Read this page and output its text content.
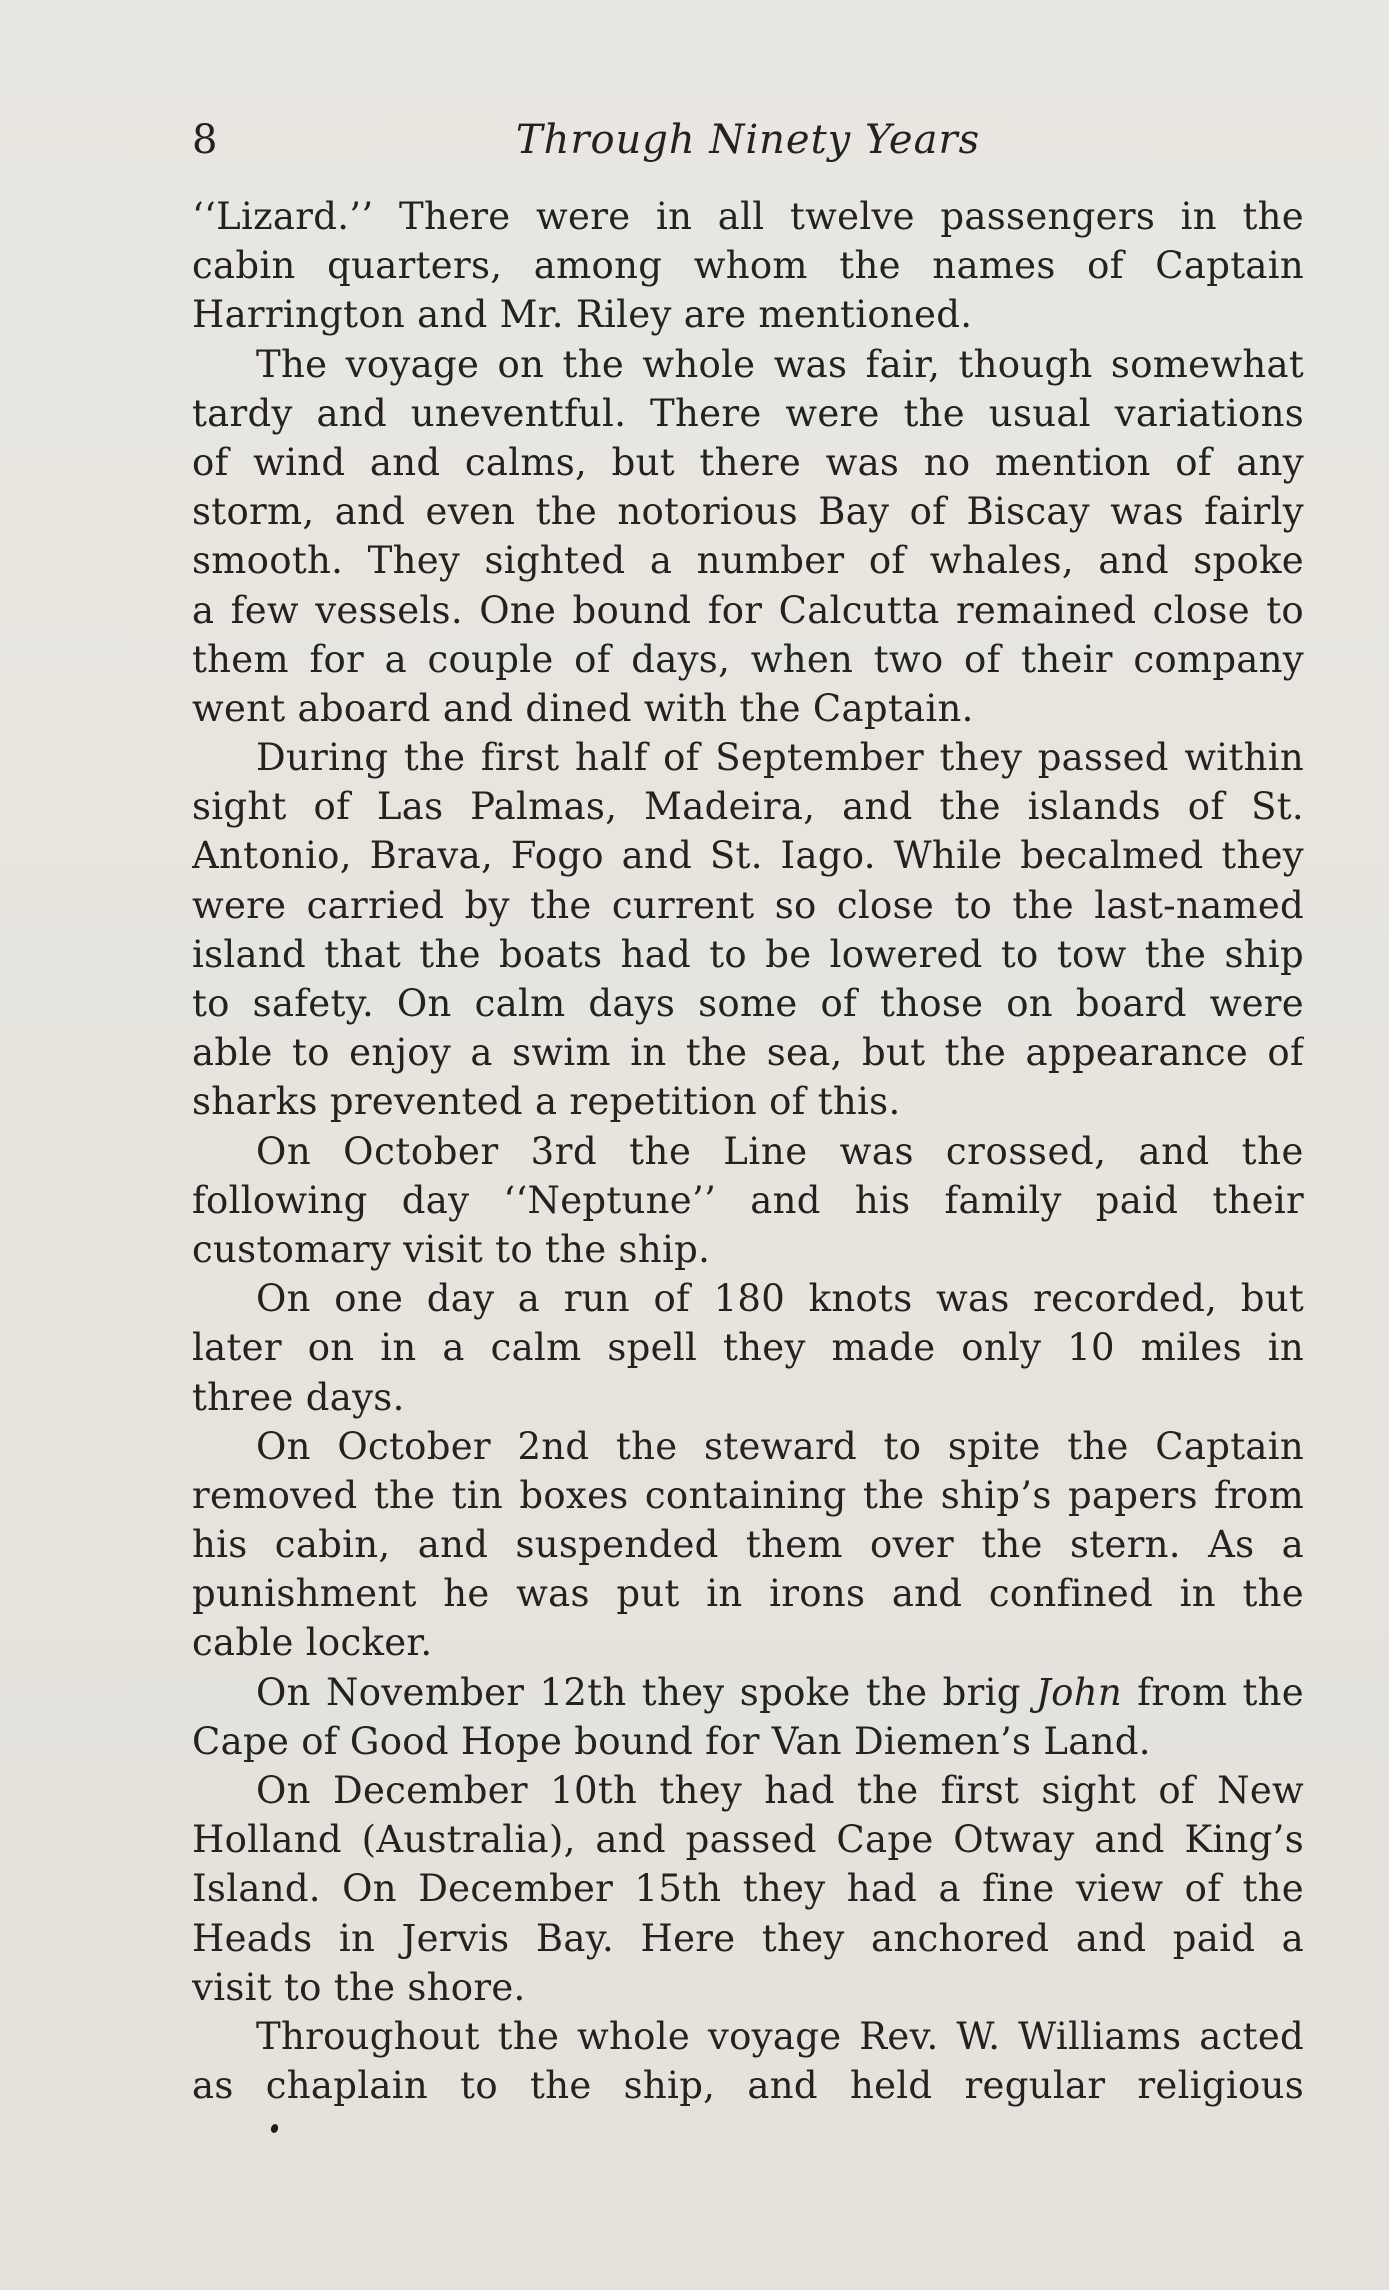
8	Through Ninety Years
‘‘Lizard.’’ There were in all twelve passengers in the
cabin quarters, among whom the names of Captain
Harrington and Mr. Riley are mentioned.
The voyage on the whole was fair, though somewhat
tardy and uneventful. There were the usual variations
of wind and calms, but there was no mention of any
storm, and even the notorious Bay of Biscay was fairly
smooth. They sighted a number of whales, and spoke
a few vessels. One bound for Calcutta remained close to
them for a couple of days, when two of their company
went aboard and dined with the Captain.
During the first half of September they passed within
sight of Las Palmas, Madeira, and the islands of St.
Antonio, Brava, Fogo and St. Iago. While becalmed they
were carried by the current so close to the last-named
island that the boats had to be lowered to tow the ship
to safety. On calm days some of those on board were
able to enjoy a swim in the sea, but the appearance of
sharks prevented a repetition of this.
On October 3rd the Line was crossed, and the
following day ‘‘Neptune’’ and his family paid their
customary visit to the ship.
On one day a run of 180 knots was recorded, but
later on in a calm spell they made only 10 miles in
three days.
On October 2nd the steward to spite the Captain
removed the tin boxes containing the ship’s papers from
his cabin, and suspended them over the stern. As a
punishment he was put in irons and confined in the
cable locker.
On November 12th they spoke the brig John from the
Cape of Good Hope bound for Van Diemen’s Land.
On December 10th they had the first sight of New
Holland (Australia), and passed Cape Otway and King’s
Island. On December 15th they had a fine view of the
Heads in Jervis Bay. Here they anchored and paid a
visit to the shore.
Throughout the whole voyage Rev. W. Williams acted
as chaplain to the ship, and held regular religious
